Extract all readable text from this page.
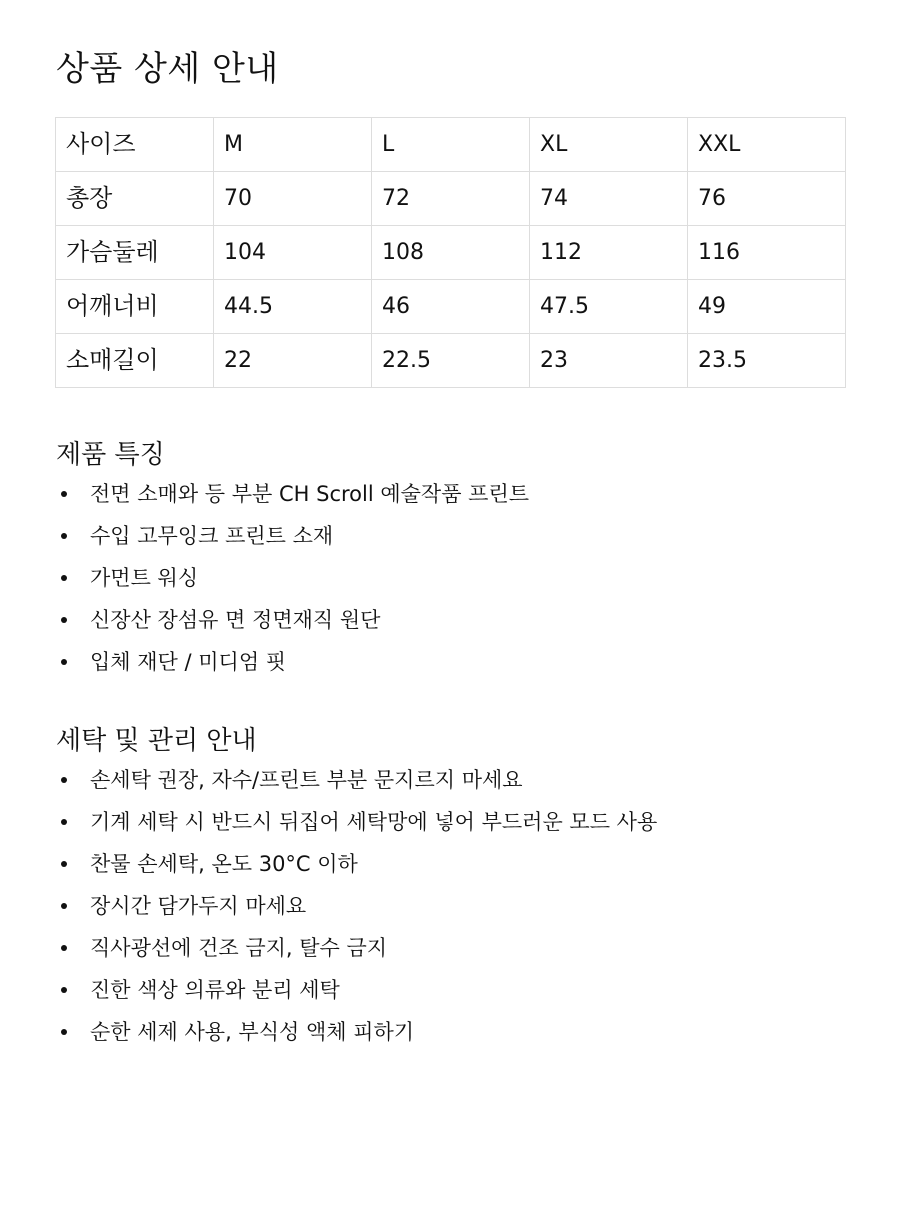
상품 상세 안내
사이즈	M	L	XL	XXL
총장	70	72	74	76
가슴둘레	104	108	112	116
어깨너비	44.5	46	47.5	49
소매길이	22	22.5	23	23.5
제품 특징
전면 소매와 등 부분 CH Scroll 예술작품 프린트
수입 고무잉크 프린트 소재
가먼트 워싱
신장산 장섬유 면 정면재직 원단
입체 재단 / 미디엄 핏
세탁 및 관리 안내
손세탁 권장, 자수/프린트 부분 문지르지 마세요
기계 세탁 시 반드시 뒤집어 세탁망에 넣어 부드러운 모드 사용
찬물 손세탁, 온도 30°C 이하
장시간 담가두지 마세요
직사광선에 건조 금지, 탈수 금지
진한 색상 의류와 분리 세탁
순한 세제 사용, 부식성 액체 피하기
